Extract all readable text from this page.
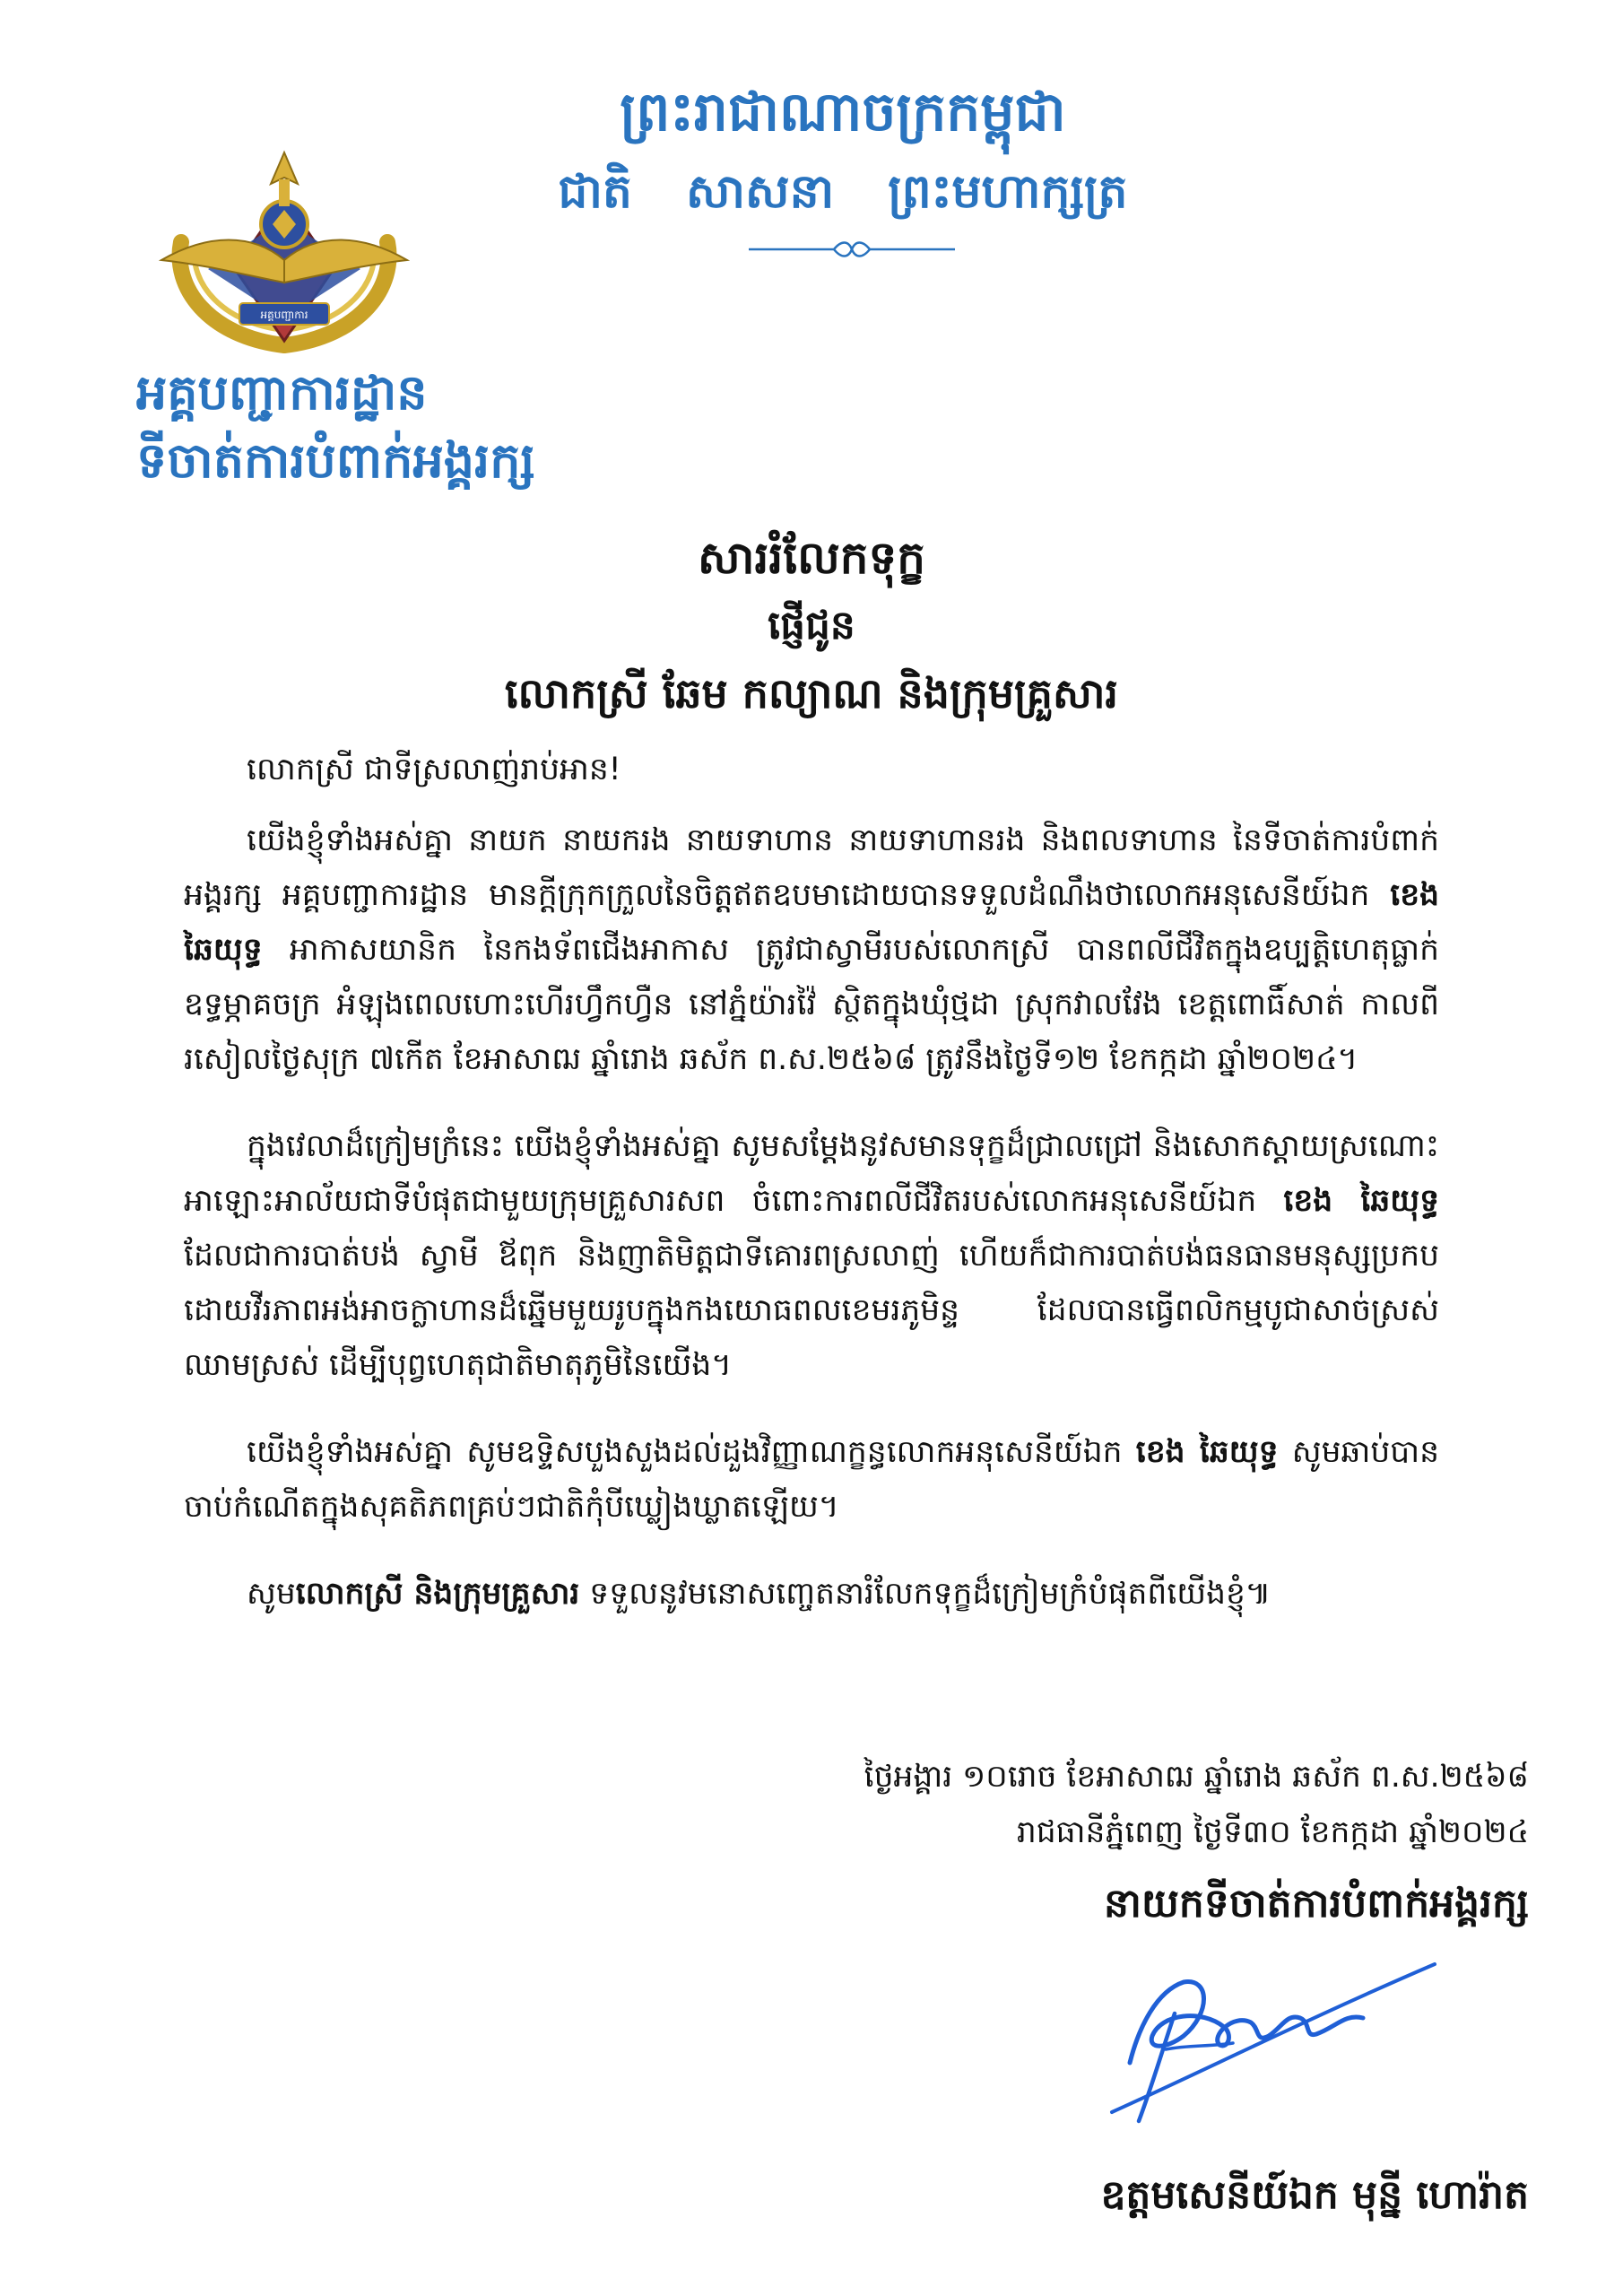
ព្រះរាជាណាចក្រកម្ពុជា
ជាតិ សាសនា ព្រះមហាក្សត្រ
អគ្គបញ្ជាការ
អគ្គបញ្ជាការដ្ឋាន
ទីចាត់ការបំពាក់អង្គរក្ស
សាររំលែកទុក្ខ
ផ្ញើជូន
លោកស្រី ឆែម កល្យាណ និងក្រុមគ្រួសារ
លោកស្រី ជាទីស្រលាញ់រាប់អាន!

យើងខ្ញុំទាំងអស់គ្នា នាយក នាយករង នាយទាហាន នាយទាហានរង និងពលទាហាន នៃទីចាត់ការបំពាក់អង្គរក្ស អគ្គបញ្ជាការដ្ឋាន មានក្តីក្រុកក្រួលនៃចិត្តឥតឧបមាដោយបានទទួលដំណឹងថាលោកអនុសេនីយ៍ឯក ខេង ឆៃយុទ្ធ អាកាសយានិក នៃកងទ័ពជើងអាកាស ត្រូវជាស្វាមីរបស់លោកស្រី បានពលីជីវិតក្នុងឧប្បត្តិហេតុធ្លាក់ឧទ្ធម្ភាគចក្រ អំឡុងពេលហោះហើរហ្វឹកហ្វឺន នៅភ្នំយ៉ារវ៉ៃ ស្ថិតក្នុងឃុំថ្មដា ស្រុកវាលវែង ខេត្តពោធិ៍សាត់ កាលពីរសៀលថ្ងៃសុក្រ ៧កើត ខែអាសាឍ ឆ្នាំរោង ឆស័ក ព.ស.២៥៦៨ ត្រូវនឹងថ្ងៃទី១២ ខែកក្កដា ឆ្នាំ២០២៤។

ក្នុងវេលាដ៏ក្រៀមក្រំនេះ យើងខ្ញុំទាំងអស់គ្នា សូមសម្តែងនូវសមានទុក្ខដ៏ជ្រាលជ្រៅ និងសោកស្តាយស្រណោះអាឡោះអាល័យជាទីបំផុតជាមួយក្រុមគ្រួសារសព ចំពោះការពលីជីវិតរបស់លោកអនុសេនីយ៍ឯក ខេង ឆៃយុទ្ធ ដែលជាការបាត់បង់ ស្វាមី ឪពុក និងញាតិមិត្តជាទីគោរពស្រលាញ់ ហើយក៏ជាការបាត់បង់ធនធានមនុស្សប្រកបដោយវីរភាពអង់អាចក្លាហានដ៏ឆ្នើមមួយរូបក្នុងកងយោធពលខេមរភូមិន្ទ ដែលបានធ្វើពលិកម្មបូជាសាច់ស្រស់ ឈាមស្រស់ ដើម្បីបុព្វហេតុជាតិមាតុភូមិនៃយើង។

យើងខ្ញុំទាំងអស់គ្នា សូមឧទ្ទិសបួងសួងដល់ដួងវិញ្ញាណក្ខន្ធលោកអនុសេនីយ៍ឯក ខេង ឆៃយុទ្ធ សូមឆាប់បានចាប់កំណើតក្នុងសុគតិភពគ្រប់ៗជាតិកុំបីឃ្លៀងឃ្លាតឡើយ។

សូមលោកស្រី និងក្រុមគ្រួសារ ទទួលនូវមនោសញ្ចេតនារំលែកទុក្ខដ៏ក្រៀមក្រំបំផុតពីយើងខ្ញុំ៕
ថ្ងៃអង្គារ ១០រោច ខែអាសាឍ ឆ្នាំរោង ឆស័ក ព.ស.២៥៦៨
រាជធានីភ្នំពេញ ថ្ងៃទី៣០ ខែកក្កដា ឆ្នាំ២០២៤
នាយកទីចាត់ការបំពាក់អង្គរក្ស
ឧត្តមសេនីយ៍ឯក មុន្នី ហោរ៉ាត
